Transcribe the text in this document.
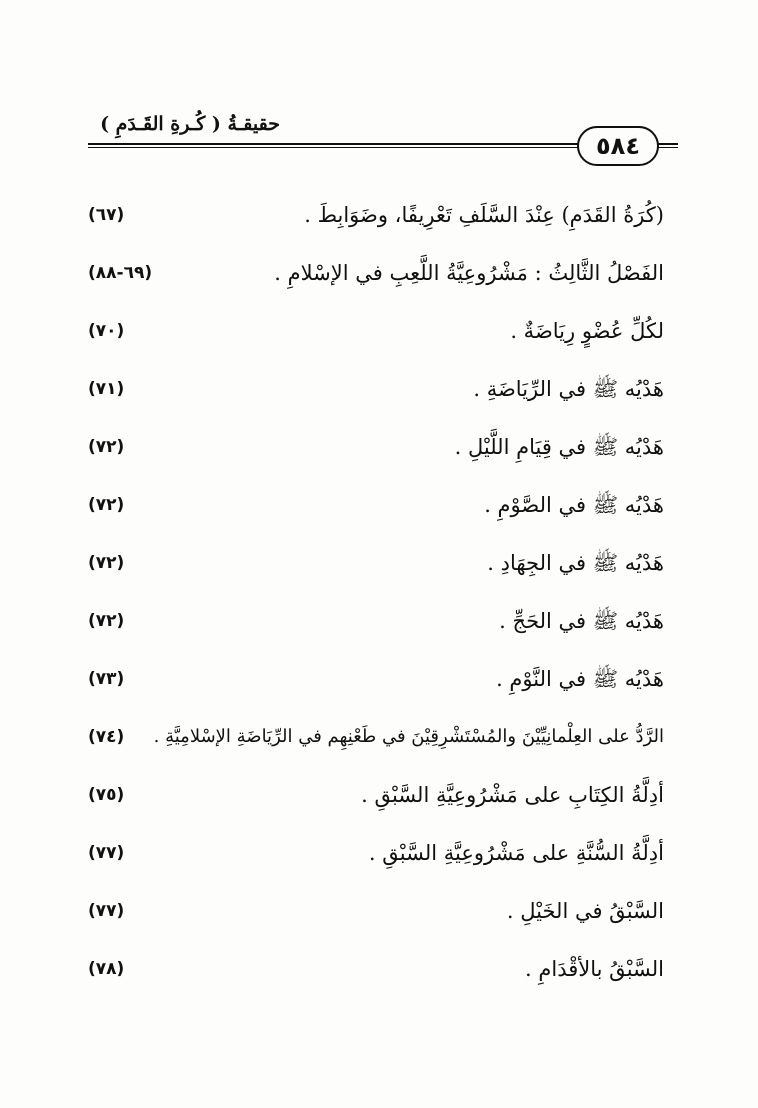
حقيقـةُ ( كُـرةِ القَـدَمِ )
٥٨٤
(كُرَةُ القَدَمِ) عِنْدَ السَّلَفِ تَعْرِيفًا، وضَوَابِطَ .
(٦٧)
الفَصْلُ الثَّالِثُ : مَشْرُوعِيَّةُ اللَّعِبِ في الإسْلامِ .
(٦٩-٨٨)
لكُلِّ عُضْوٍ رِيَاضَةٌ .
(٧٠)
هَدْيُه ﷺ في الرِّيَاضَةِ .
(٧١)
هَدْيُه ﷺ في قِيَامِ اللَّيْلِ .
(٧٢)
هَدْيُه ﷺ في الصَّوْمِ .
(٧٢)
هَدْيُه ﷺ في الجِهَادِ .
(٧٢)
هَدْيُه ﷺ في الحَجِّ .
(٧٢)
هَدْيُه ﷺ في النَّوْمِ .
(٧٣)
الرَّدُّ على العِلْمانِيِّيْنَ والمُسْتَشْرِقِيْنَ في طَعْنِهِم في الرِّيَاضَةِ الإسْلامِيَّةِ .
(٧٤)
أدِلَّةُ الكِتَابِ على مَشْرُوعِيَّةِ السَّبْقِ .
(٧٥)
أدِلَّةُ السُّنَّةِ على مَشْرُوعِيَّةِ السَّبْقِ .
(٧٧)
السَّبْقُ في الخَيْلِ .
(٧٧)
السَّبْقُ بالأقْدَامِ .
(٧٨)
